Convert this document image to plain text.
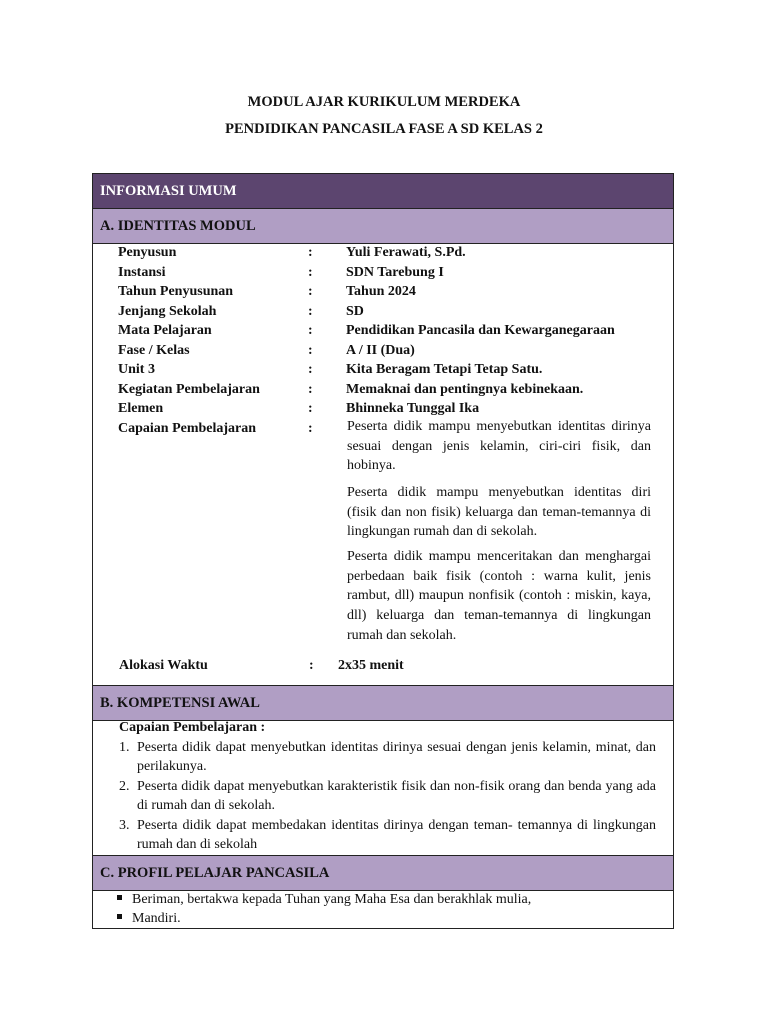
MODUL AJAR KURIKULUM MERDEKA
PENDIDIKAN PANCASILA FASE A SD KELAS 2
INFORMASI UMUM
A. IDENTITAS MODUL
Penyusun	: Yuli Ferawati, S.Pd.
Instansi	: SDN Tarebung I
Tahun Penyusunan	: Tahun 2024
Jenjang Sekolah	: SD
Mata Pelajaran	: Pendidikan Pancasila dan Kewarganegaraan
Fase / Kelas	: A / II (Dua)
Unit 3	: Kita Beragam Tetapi Tetap Satu.
Kegiatan Pembelajaran	: Memaknai dan pentingnya kebinekaan.
Elemen	: Bhinneka Tunggal Ika
Capaian Pembelajaran	: Peserta didik mampu menyebutkan identitas dirinya sesuai dengan jenis kelamin, ciri-ciri fisik, dan hobinya.
Peserta didik mampu menyebutkan identitas diri (fisik dan non fisik) keluarga dan teman-temannya di lingkungan rumah dan di sekolah.
Peserta didik mampu menceritakan dan menghargai perbedaan baik fisik (contoh : warna kulit, jenis rambut, dll) maupun nonfisik (contoh : miskin, kaya, dll) keluarga dan teman-temannya di lingkungan rumah dan sekolah.
Alokasi Waktu	: 2x35 menit
B. KOMPETENSI AWAL
Capaian Pembelajaran :
1. Peserta didik dapat menyebutkan identitas dirinya sesuai dengan jenis kelamin, minat, dan perilakunya.
2. Peserta didik dapat menyebutkan karakteristik fisik dan non-fisik orang dan benda yang ada di rumah dan di sekolah.
3. Peserta didik dapat membedakan identitas dirinya dengan teman- temannya di lingkungan rumah dan di sekolah
C. PROFIL PELAJAR PANCASILA
Beriman, bertakwa kepada Tuhan yang Maha Esa dan berakhlak mulia,
Mandiri.
